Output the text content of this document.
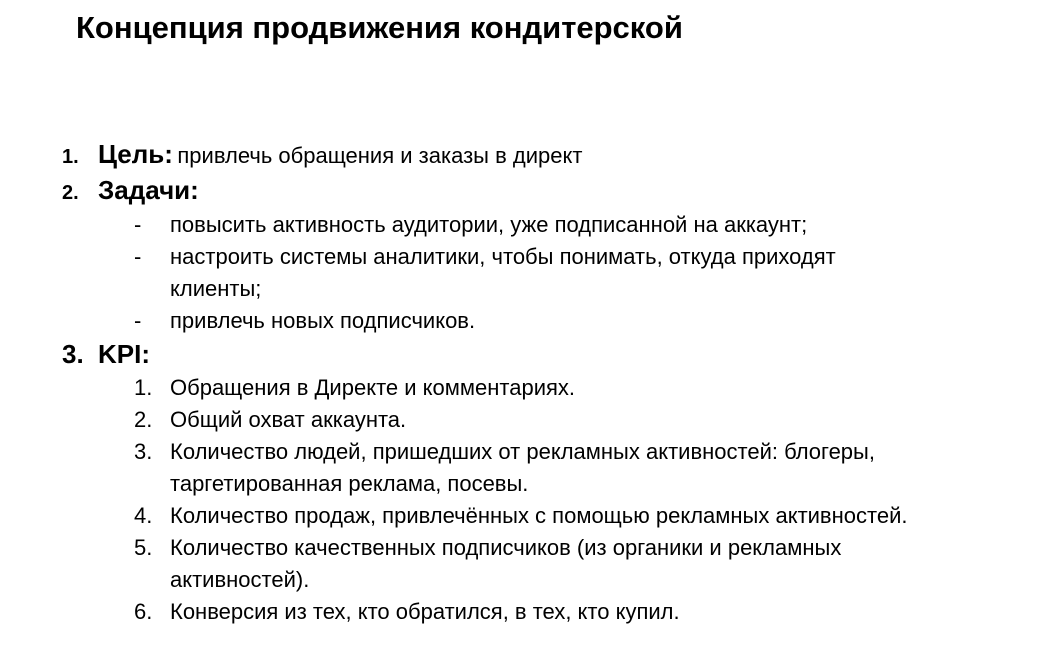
Концепция продвижения кондитерской
1. Цель: привлечь обращения и заказы в директ
2. Задачи:
-	повысить активность аудитории, уже подписанной на аккаунт;
-	настроить системы аналитики, чтобы понимать, откуда приходят клиенты;
-	привлечь новых подписчиков.
3. KPI:
1. Обращения в Директе и комментариях.
2. Общий охват аккаунта.
3. Количество людей, пришедших от рекламных активностей: блогеры, таргетированная реклама, посевы.
4. Количество продаж, привлечённых с помощью рекламных активностей.
5. Количество качественных подписчиков (из органики и рекламных активностей).
6. Конверсия из тех, кто обратился, в тех, кто купил.
